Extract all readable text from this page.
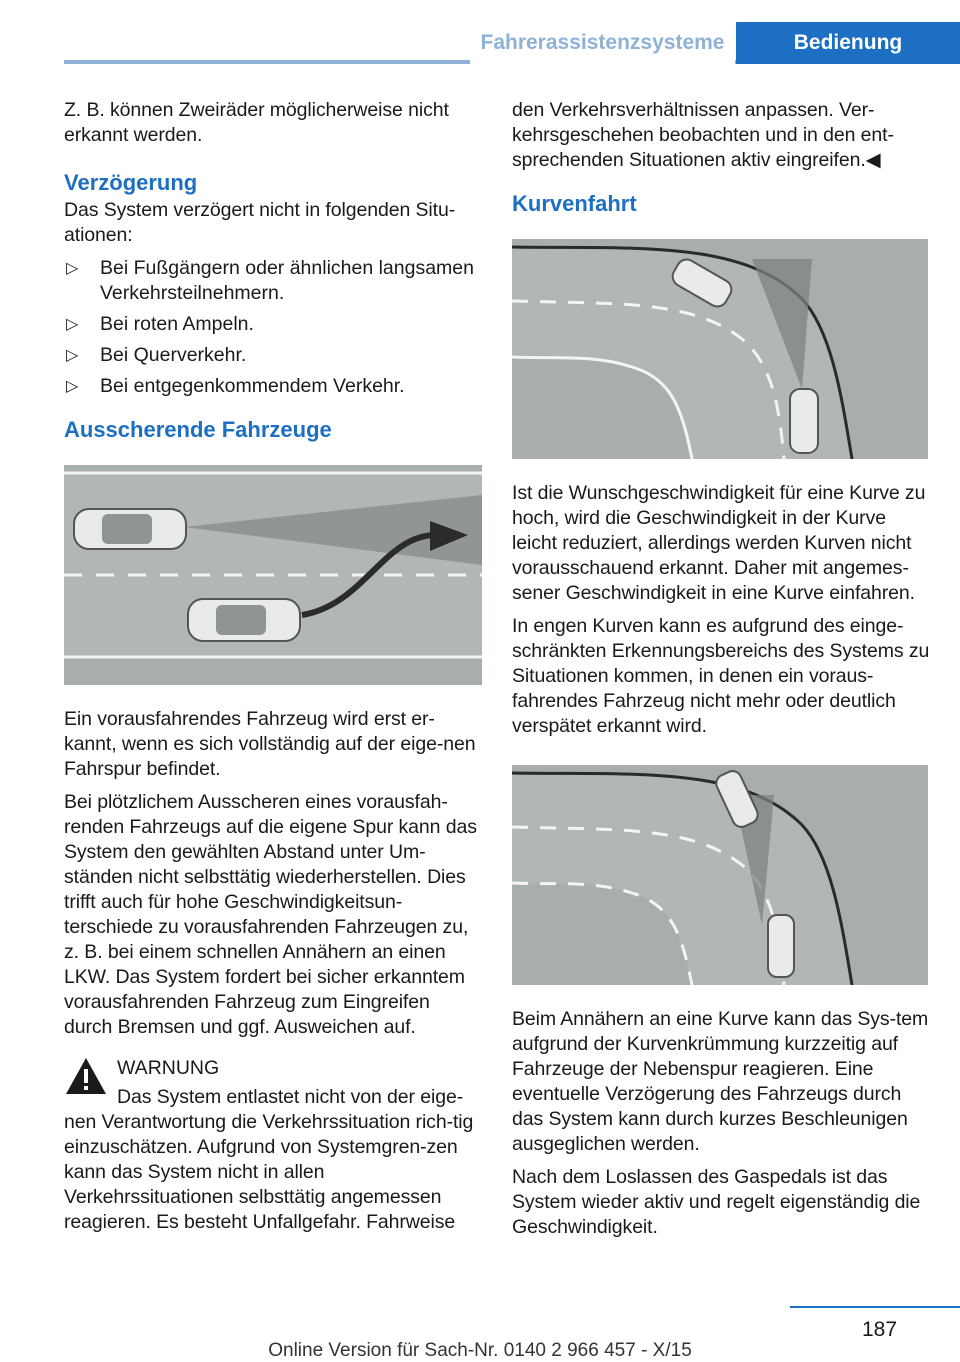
Fahrerassistenzsysteme	Bedienung

Z. B. können Zweiräder möglicherweise nicht erkannt werden.

Verzögerung

Das System verzögert nicht in folgenden Situ-ationen:

▷ Bei Fußgängern oder ähnlichen langsamen Verkehrsteilnehmern.
▷ Bei roten Ampeln.
▷ Bei Querverkehr.
▷ Bei entgegenkommendem Verkehr.
Ausscherende Fahrzeuge

Ein vorausfahrendes Fahrzeug wird erst er-kannt, wenn es sich vollständig auf der eige-nen Fahrspur befindet.

Bei plötzlichem Ausscheren eines vorausfah-renden Fahrzeugs auf die eigene Spur kann das System den gewählten Abstand unter Um-ständen nicht selbsttätig wiederherstellen. Dies trifft auch für hohe Geschwindigkeitsun-terschiede zu vorausfahrenden Fahrzeugen zu, z. B. bei einem schnellen Annähern an einen LKW. Das System fordert bei sicher erkanntem vorausfahrenden Fahrzeug zum Eingreifen durch Bremsen und ggf. Ausweichen auf.

WARNUNG

Das System entlastet nicht von der eige-nen Verantwortung die Verkehrssituation rich-tig einzuschätzen. Aufgrund von Systemgren-zen kann das System nicht in allen Verkehrssituationen selbsttätig angemessen reagieren. Es besteht Unfallgefahr. Fahrweise

den Verkehrsverhältnissen anpassen. Ver-kehrsgeschehen beobachten und in den ent-sprechenden Situationen aktiv eingreifen.◀

Kurvenfahrt

Ist die Wunschgeschwindigkeit für eine Kurve zu hoch, wird die Geschwindigkeit in der Kurve leicht reduziert, allerdings werden Kurven nicht vorausschauend erkannt. Daher mit angemes-sener Geschwindigkeit in eine Kurve einfahren.

In engen Kurven kann es aufgrund des einge-schränkten Erkennungsbereichs des Systems zu Situationen kommen, in denen ein voraus-fahrendes Fahrzeug nicht mehr oder deutlich verspätet erkannt wird.

Beim Annähern an eine Kurve kann das Sys-tem aufgrund der Kurvenkrümmung kurzzeitig auf Fahrzeuge der Nebenspur reagieren. Eine eventuelle Verzögerung des Fahrzeugs durch das System kann durch kurzes Beschleunigen ausgeglichen werden.

Nach dem Loslassen des Gaspedals ist das System wieder aktiv und regelt eigenständig die Geschwindigkeit.

187
Online Version für Sach-Nr. 0140 2 966 457 - X/15
